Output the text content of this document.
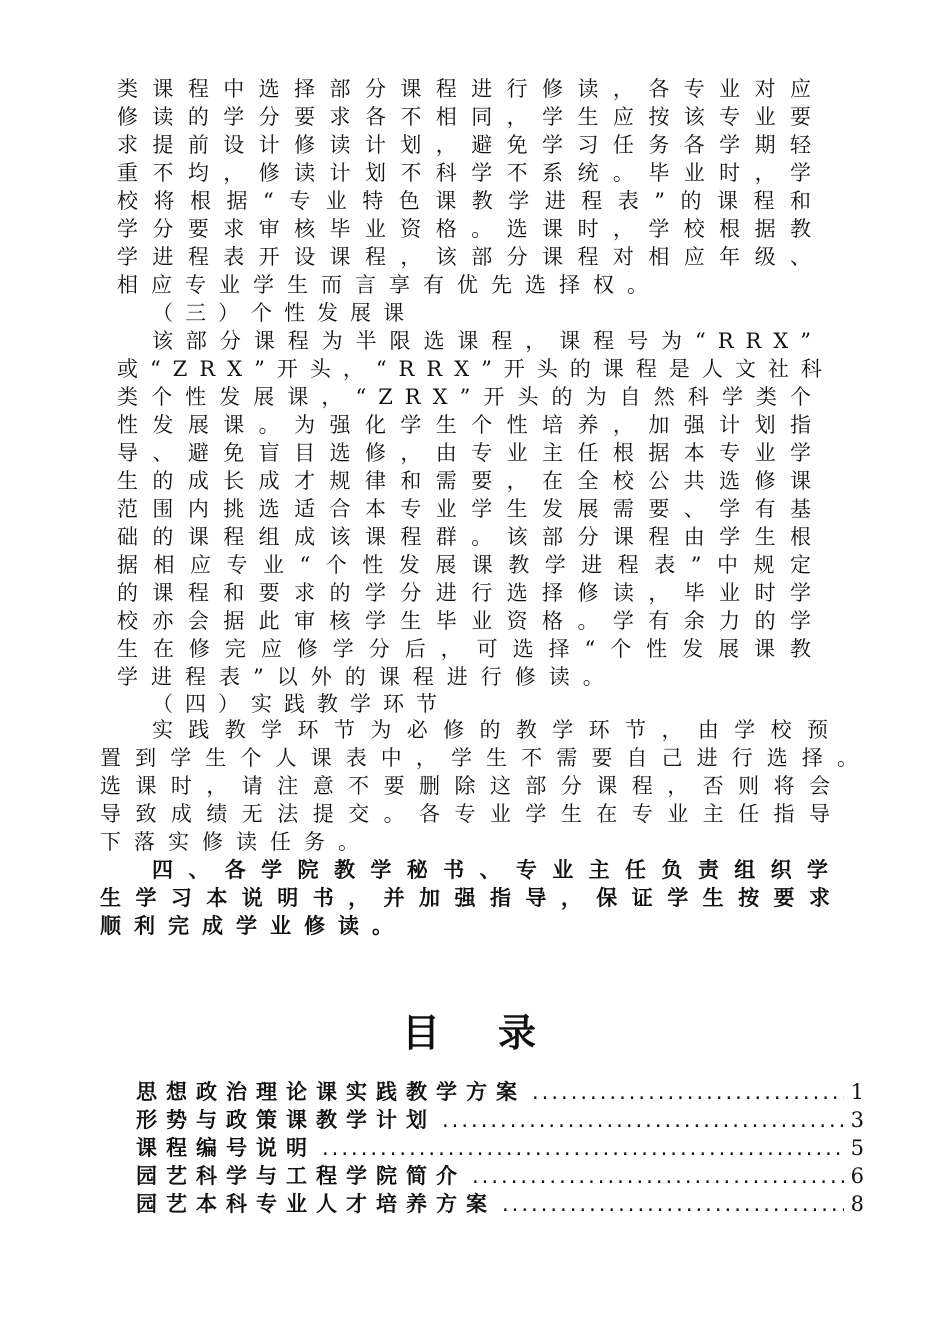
类课程中选择部分课程进行修读，各专业对应
修读的学分要求各不相同，学生应按该专业要
求提前设计修读计划，避免学习任务各学期轻
重不均，修读计划不科学不系统。毕业时，学
校将根据“专业特色课教学进程表”的课程和
学分要求审核毕业资格。选课时，学校根据教
学进程表开设课程，该部分课程对相应年级、
相应专业学生而言享有优先选择权。
（三）个性发展课
该部分课程为半限选课程，课程号为“RRX”
或“ZRX”开头，“RRX”开头的课程是人文社科
类个性发展课，“ZRX”开头的为自然科学类个
性发展课。为强化学生个性培养，加强计划指
导、避免盲目选修，由专业主任根据本专业学
生的成长成才规律和需要，在全校公共选修课
范围内挑选适合本专业学生发展需要、学有基
础的课程组成该课程群。该部分课程由学生根
据相应专业“个性发展课教学进程表”中规定
的课程和要求的学分进行选择修读，毕业时学
校亦会据此审核学生毕业资格。学有余力的学
生在修完应修学分后，可选择“个性发展课教
学进程表”以外的课程进行修读。
（四）实践教学环节
实践教学环节为必修的教学环节，由学校预
置到学生个人课表中，学生不需要自己进行选择。
选课时，请注意不要删除这部分课程，否则将会
导致成绩无法提交。各专业学生在专业主任指导
下落实修读任务。
四、各学院教学秘书、专业主任负责组织学
生学习本说明书，并加强指导，保证学生按要求
顺利完成学业修读。
目录
思想政治理论课实践教学方案 .....	1
形势与政策课教学计划 .....	3
课程编号说明 .....	5
园艺科学与工程学院简介 .....	6
园艺本科专业人才培养方案 .....	8
